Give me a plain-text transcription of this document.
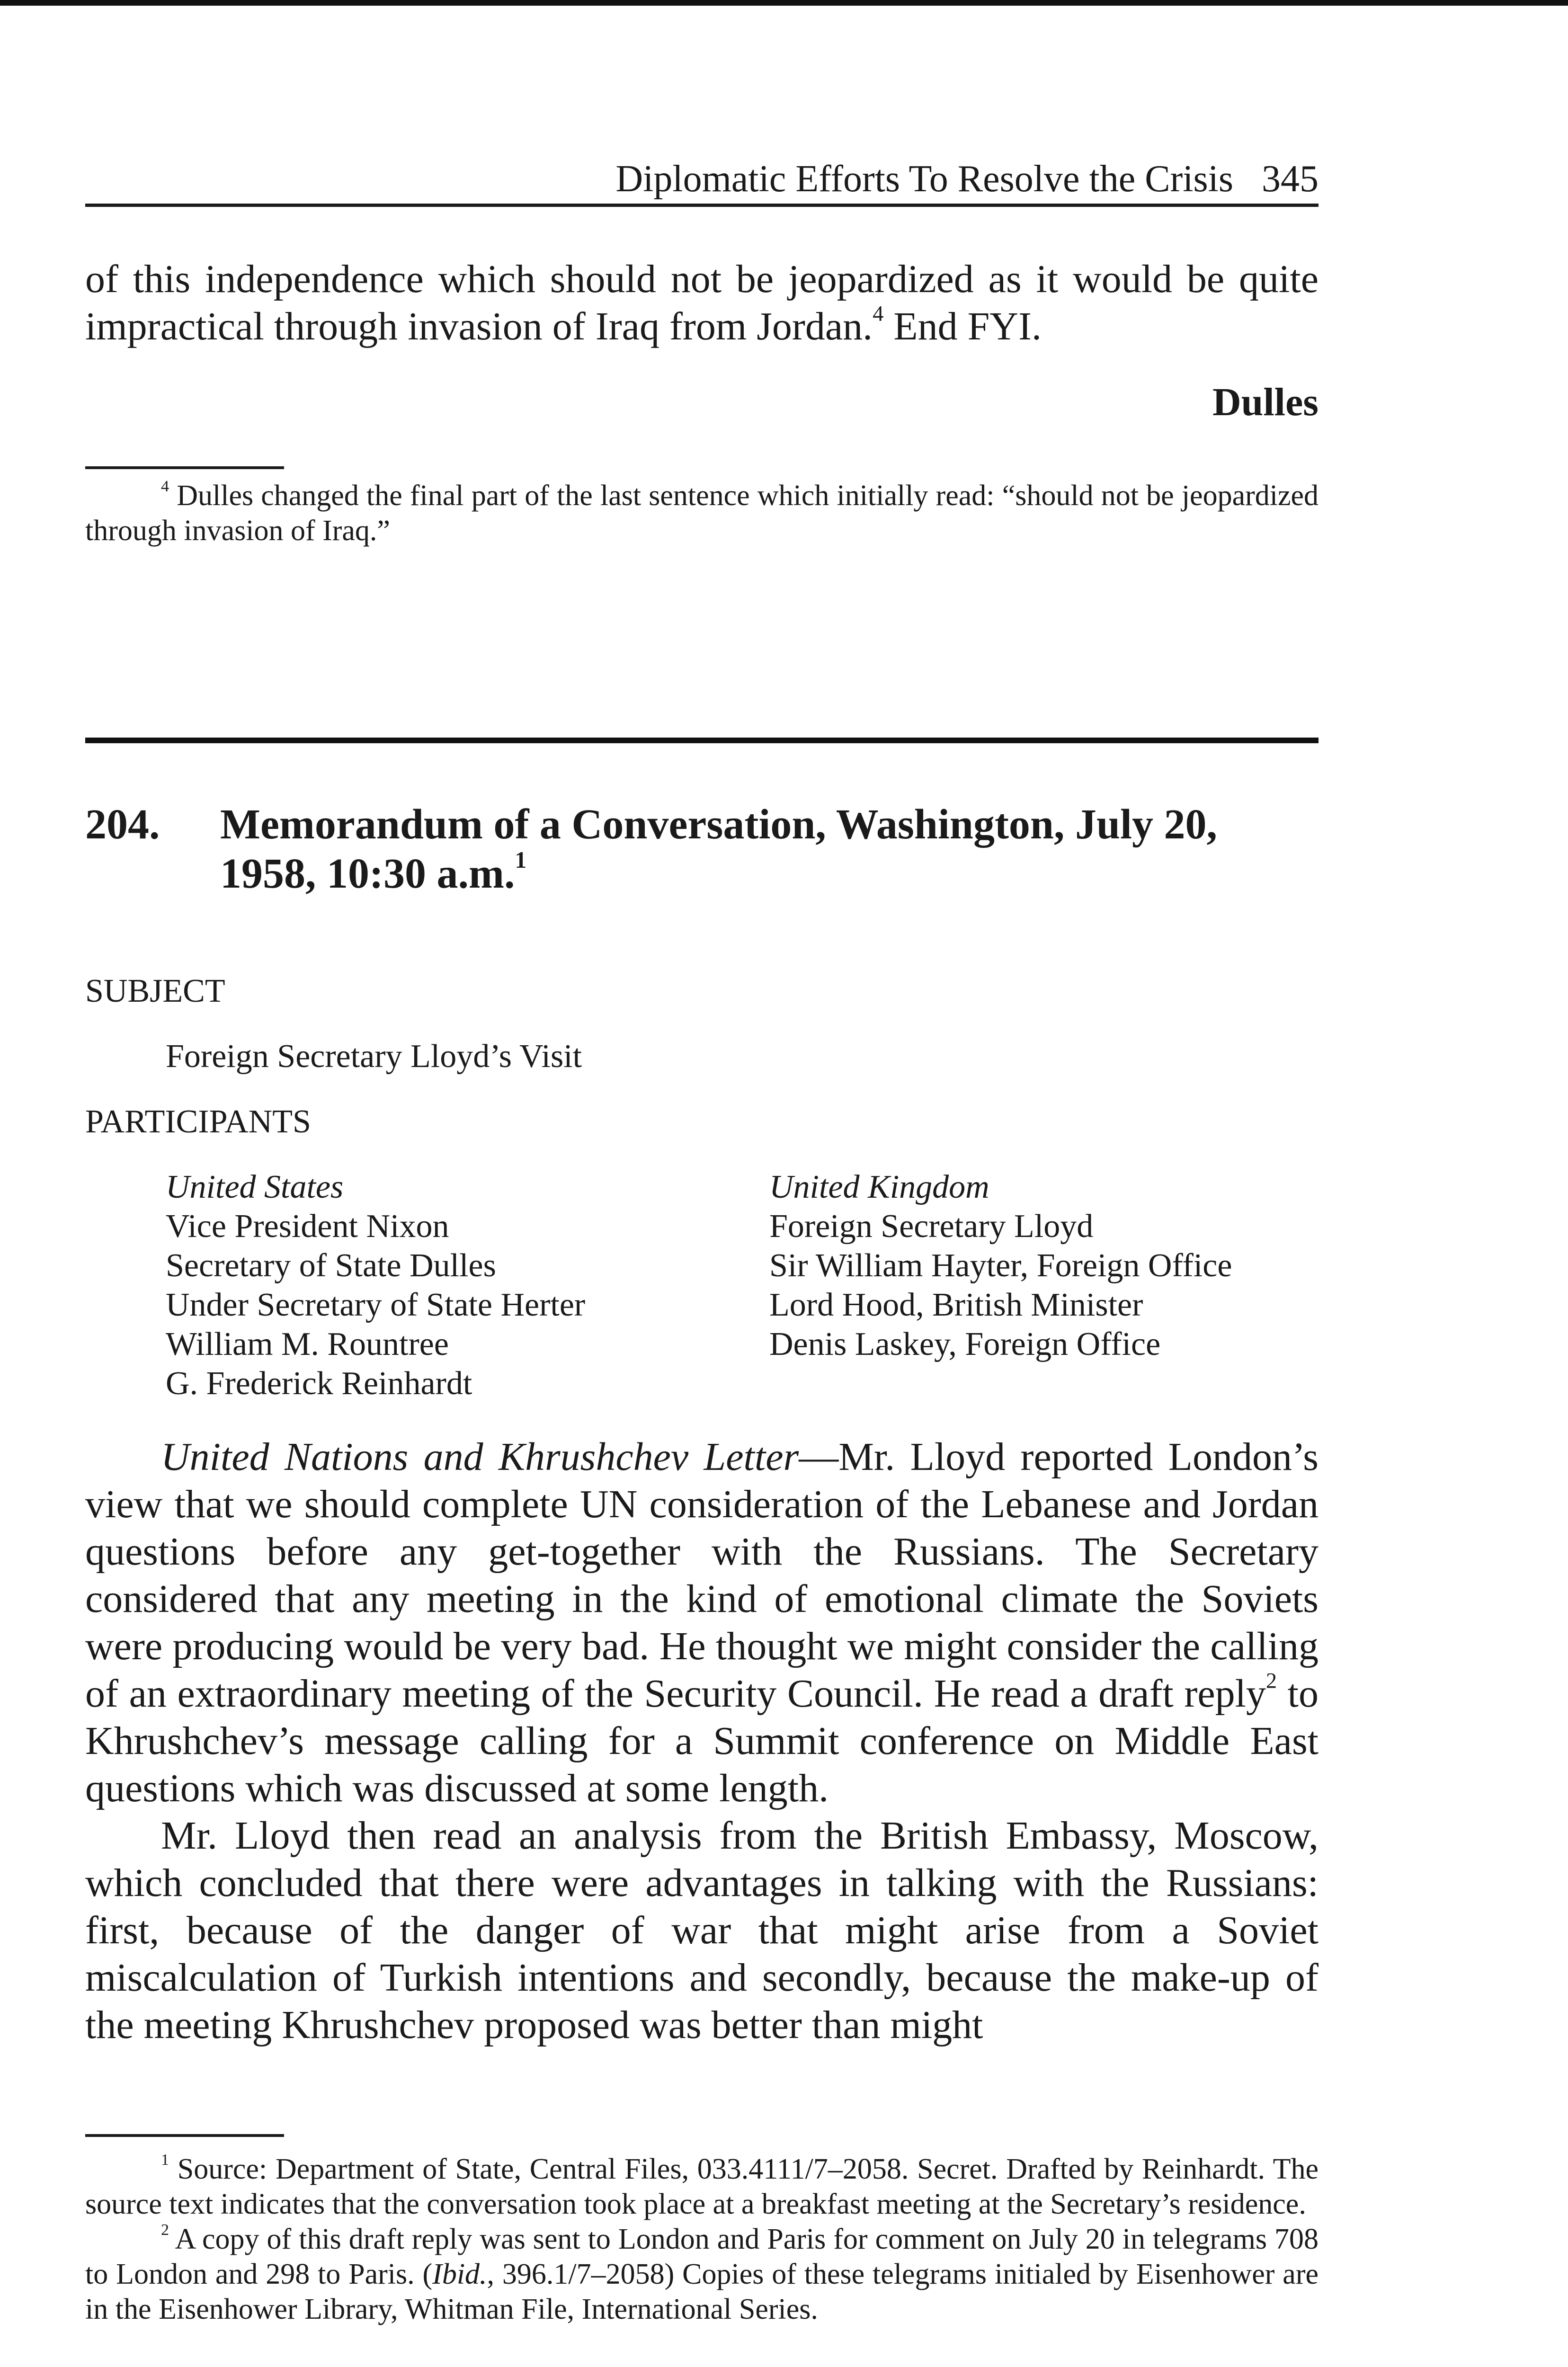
Diplomatic Efforts To Resolve the Crisis 345

of this independence which should not be jeopardized as it would be quite impractical through invasion of Iraq from Jordan.$^4$ End FYI.

Dulles

$^4$ Dulles changed the final part of the last sentence which initially read: “should not be jeopardized through invasion of Iraq.”

204.	Memorandum of a Conversation, Washington, July 20, 1958, 10:30 a.m.$^1$
SUBJECT
Foreign Secretary Lloyd’s Visit
PARTICIPANTS
United States
Vice President Nixon
Secretary of State Dulles
Under Secretary of State Herter
William M. Rountree
G. Frederick Reinhardt
United Kingdom
Foreign Secretary Lloyd
Sir William Hayter, Foreign Office
Lord Hood, British Minister
Denis Laskey, Foreign Office

United Nations and Khrushchev Letter—Mr. Lloyd reported London’s view that we should complete UN consideration of the Lebanese and Jordan questions before any get-together with the Russians. The Secretary considered that any meeting in the kind of emotional climate the Soviets were producing would be very bad. He thought we might consider the calling of an extraordinary meeting of the Security Council. He read a draft reply$^2$ to Khrushchev’s message calling for a Summit conference on Middle East questions which was discussed at some length.

Mr. Lloyd then read an analysis from the British Embassy, Moscow, which concluded that there were advantages in talking with the Russians: first, because of the danger of war that might arise from a Soviet miscalculation of Turkish intentions and secondly, because the make-up of the meeting Khrushchev proposed was better than might

$^1$ Source: Department of State, Central Files, 033.4111/7–2058. Secret. Drafted by Reinhardt. The source text indicates that the conversation took place at a breakfast meeting at the Secretary’s residence.

$^2$ A copy of this draft reply was sent to London and Paris for comment on July 20 in telegrams 708 to London and 298 to Paris. (Ibid., 396.1/7–2058) Copies of these telegrams initialed by Eisenhower are in the Eisenhower Library, Whitman File, International Series.
